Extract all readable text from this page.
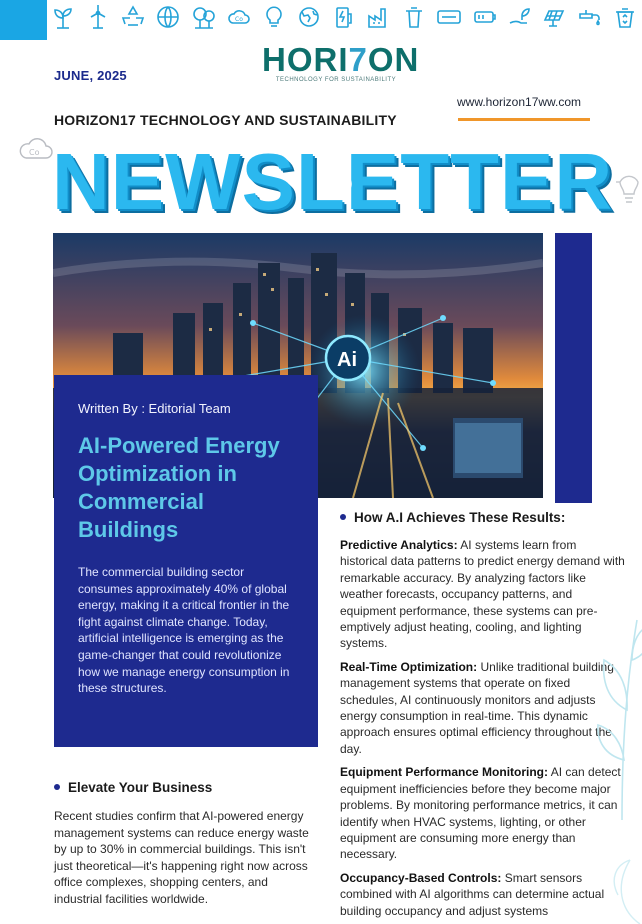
Co
JUNE, 2025	HORI7ON
TECHNOLOGY FOR SUSTAINABILITY
www.horizon17ww.com
HORIZON17 TECHNOLOGY AND SUSTAINABILITY
Co NEWSLETTER
Ai
Written By : Editorial Team
AI-Powered Energy Optimization in Commercial Buildings
The commercial building sector consumes approximately 40% of global energy, making it a critical frontier in the fight against climate change. Today, artificial intelligence is emerging as the game-changer that could revolutionize how we manage energy consumption in these structures.
How A.I Achieves These Results:

Predictive Analytics: AI systems learn from historical data patterns to predict energy demand with remarkable accuracy. By analyzing factors like weather forecasts, occupancy patterns, and equipment performance, these systems can pre-emptively adjust heating, cooling, and lighting systems.

Real-Time Optimization: Unlike traditional building management systems that operate on fixed schedules, AI continuously monitors and adjusts energy consumption in real-time. This dynamic approach ensures optimal efficiency throughout the day.

Equipment Performance Monitoring: AI can detect equipment inefficiencies before they become major problems. By monitoring performance metrics, it can identify when HVAC systems, lighting, or other equipment are consuming more energy than necessary.

Occupancy-Based Controls: Smart sensors combined with AI algorithms can determine actual building occupancy and adjust systems

Elevate Your Business
Recent studies confirm that AI-powered energy management systems can reduce energy waste by up to 30% in commercial buildings. This isn't just theoretical—it's happening right now across office complexes, shopping centers, and industrial facilities worldwide.
